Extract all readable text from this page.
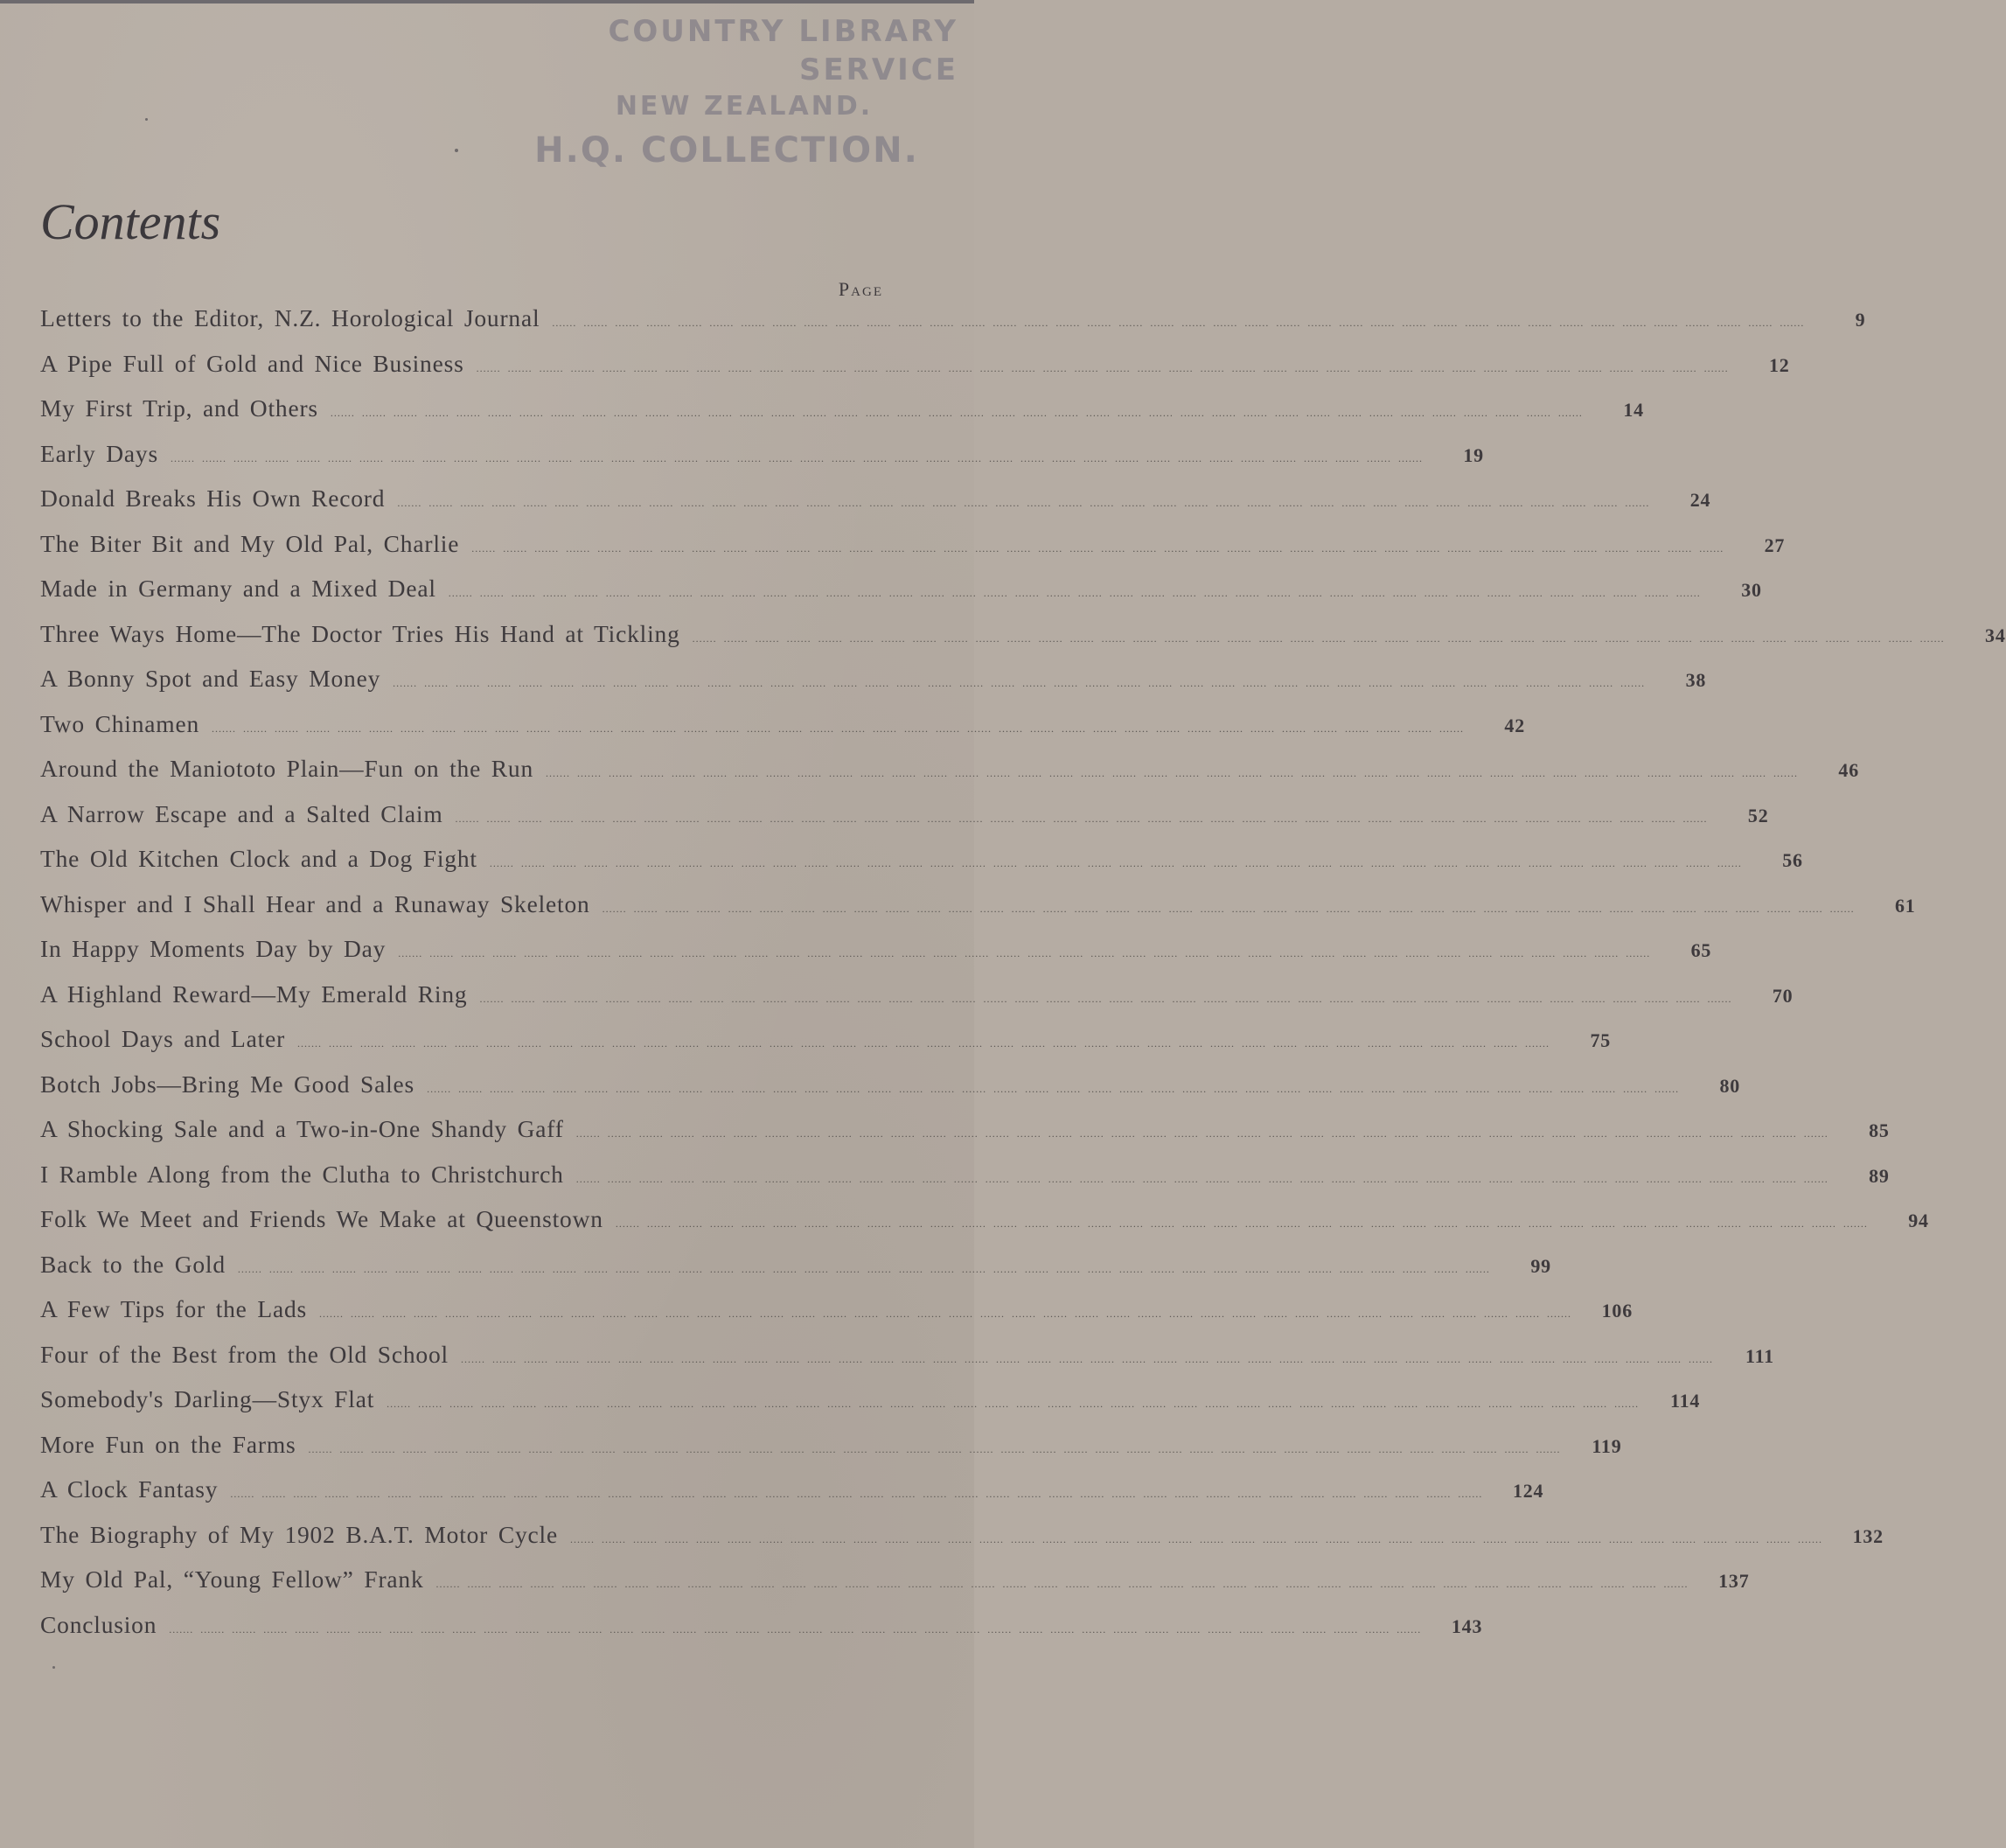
COUNTRY LIBRARY SERVICE
NEW ZEALAND.
H.Q. COLLECTION.
Contents
Page
Letters to the Editor, N.Z. Horological Journal ....... ....... ....... ....... ....... ....... ....... ....... ....... ....... ....... ....... ....... ....... ....... ....... ....... ....... ....... ....... ....... ....... ....... ....... ....... ....... ....... ....... ....... ....... ....... ....... ....... ....... ....... ....... ....... ....... ....... .......	9
A Pipe Full of Gold and Nice Business ....... ....... ....... ....... ....... ....... ....... ....... ....... ....... ....... ....... ....... ....... ....... ....... ....... ....... ....... ....... ....... ....... ....... ....... ....... ....... ....... ....... ....... ....... ....... ....... ....... ....... ....... ....... ....... ....... ....... .......	12
My First Trip, and Others ....... ....... ....... ....... ....... ....... ....... ....... ....... ....... ....... ....... ....... ....... ....... ....... ....... ....... ....... ....... ....... ....... ....... ....... ....... ....... ....... ....... ....... ....... ....... ....... ....... ....... ....... ....... ....... ....... ....... .......	14
Early Days ....... ....... ....... ....... ....... ....... ....... ....... ....... ....... ....... ....... ....... ....... ....... ....... ....... ....... ....... ....... ....... ....... ....... ....... ....... ....... ....... ....... ....... ....... ....... ....... ....... ....... ....... ....... ....... ....... ....... .......	19
Donald Breaks His Own Record ....... ....... ....... ....... ....... ....... ....... ....... ....... ....... ....... ....... ....... ....... ....... ....... ....... ....... ....... ....... ....... ....... ....... ....... ....... ....... ....... ....... ....... ....... ....... ....... ....... ....... ....... ....... ....... ....... ....... .......	24
The Biter Bit and My Old Pal, Charlie ....... ....... ....... ....... ....... ....... ....... ....... ....... ....... ....... ....... ....... ....... ....... ....... ....... ....... ....... ....... ....... ....... ....... ....... ....... ....... ....... ....... ....... ....... ....... ....... ....... ....... ....... ....... ....... ....... ....... .......	27
Made in Germany and a Mixed Deal ....... ....... ....... ....... ....... ....... ....... ....... ....... ....... ....... ....... ....... ....... ....... ....... ....... ....... ....... ....... ....... ....... ....... ....... ....... ....... ....... ....... ....... ....... ....... ....... ....... ....... ....... ....... ....... ....... ....... .......	30
Three Ways Home—The Doctor Tries His Hand at Tickling ....... ....... ....... ....... ....... ....... ....... ....... ....... ....... ....... ....... ....... ....... ....... ....... ....... ....... ....... ....... ....... ....... ....... ....... ....... ....... ....... ....... ....... ....... ....... ....... ....... ....... ....... ....... ....... ....... ....... .......	34
A Bonny Spot and Easy Money ....... ....... ....... ....... ....... ....... ....... ....... ....... ....... ....... ....... ....... ....... ....... ....... ....... ....... ....... ....... ....... ....... ....... ....... ....... ....... ....... ....... ....... ....... ....... ....... ....... ....... ....... ....... ....... ....... ....... .......	38
Two Chinamen ....... ....... ....... ....... ....... ....... ....... ....... ....... ....... ....... ....... ....... ....... ....... ....... ....... ....... ....... ....... ....... ....... ....... ....... ....... ....... ....... ....... ....... ....... ....... ....... ....... ....... ....... ....... ....... ....... ....... .......	42
Around the Maniototo Plain—Fun on the Run ....... ....... ....... ....... ....... ....... ....... ....... ....... ....... ....... ....... ....... ....... ....... ....... ....... ....... ....... ....... ....... ....... ....... ....... ....... ....... ....... ....... ....... ....... ....... ....... ....... ....... ....... ....... ....... ....... ....... .......	46
A Narrow Escape and a Salted Claim ....... ....... ....... ....... ....... ....... ....... ....... ....... ....... ....... ....... ....... ....... ....... ....... ....... ....... ....... ....... ....... ....... ....... ....... ....... ....... ....... ....... ....... ....... ....... ....... ....... ....... ....... ....... ....... ....... ....... .......	52
The Old Kitchen Clock and a Dog Fight ....... ....... ....... ....... ....... ....... ....... ....... ....... ....... ....... ....... ....... ....... ....... ....... ....... ....... ....... ....... ....... ....... ....... ....... ....... ....... ....... ....... ....... ....... ....... ....... ....... ....... ....... ....... ....... ....... ....... .......	56
Whisper and I Shall Hear and a Runaway Skeleton ....... ....... ....... ....... ....... ....... ....... ....... ....... ....... ....... ....... ....... ....... ....... ....... ....... ....... ....... ....... ....... ....... ....... ....... ....... ....... ....... ....... ....... ....... ....... ....... ....... ....... ....... ....... ....... ....... ....... .......	61
In Happy Moments Day by Day ....... ....... ....... ....... ....... ....... ....... ....... ....... ....... ....... ....... ....... ....... ....... ....... ....... ....... ....... ....... ....... ....... ....... ....... ....... ....... ....... ....... ....... ....... ....... ....... ....... ....... ....... ....... ....... ....... ....... .......	65
A Highland Reward—My Emerald Ring ....... ....... ....... ....... ....... ....... ....... ....... ....... ....... ....... ....... ....... ....... ....... ....... ....... ....... ....... ....... ....... ....... ....... ....... ....... ....... ....... ....... ....... ....... ....... ....... ....... ....... ....... ....... ....... ....... ....... .......	70
School Days and Later ....... ....... ....... ....... ....... ....... ....... ....... ....... ....... ....... ....... ....... ....... ....... ....... ....... ....... ....... ....... ....... ....... ....... ....... ....... ....... ....... ....... ....... ....... ....... ....... ....... ....... ....... ....... ....... ....... ....... .......	75
Botch Jobs—Bring Me Good Sales ....... ....... ....... ....... ....... ....... ....... ....... ....... ....... ....... ....... ....... ....... ....... ....... ....... ....... ....... ....... ....... ....... ....... ....... ....... ....... ....... ....... ....... ....... ....... ....... ....... ....... ....... ....... ....... ....... ....... .......	80
A Shocking Sale and a Two-in-One Shandy Gaff ....... ....... ....... ....... ....... ....... ....... ....... ....... ....... ....... ....... ....... ....... ....... ....... ....... ....... ....... ....... ....... ....... ....... ....... ....... ....... ....... ....... ....... ....... ....... ....... ....... ....... ....... ....... ....... ....... ....... .......	85
I Ramble Along from the Clutha to Christchurch ....... ....... ....... ....... ....... ....... ....... ....... ....... ....... ....... ....... ....... ....... ....... ....... ....... ....... ....... ....... ....... ....... ....... ....... ....... ....... ....... ....... ....... ....... ....... ....... ....... ....... ....... ....... ....... ....... ....... .......	89
Folk We Meet and Friends We Make at Queenstown ....... ....... ....... ....... ....... ....... ....... ....... ....... ....... ....... ....... ....... ....... ....... ....... ....... ....... ....... ....... ....... ....... ....... ....... ....... ....... ....... ....... ....... ....... ....... ....... ....... ....... ....... ....... ....... ....... ....... .......	94
Back to the Gold ....... ....... ....... ....... ....... ....... ....... ....... ....... ....... ....... ....... ....... ....... ....... ....... ....... ....... ....... ....... ....... ....... ....... ....... ....... ....... ....... ....... ....... ....... ....... ....... ....... ....... ....... ....... ....... ....... ....... .......	99
A Few Tips for the Lads ....... ....... ....... ....... ....... ....... ....... ....... ....... ....... ....... ....... ....... ....... ....... ....... ....... ....... ....... ....... ....... ....... ....... ....... ....... ....... ....... ....... ....... ....... ....... ....... ....... ....... ....... ....... ....... ....... ....... .......	106
Four of the Best from the Old School ....... ....... ....... ....... ....... ....... ....... ....... ....... ....... ....... ....... ....... ....... ....... ....... ....... ....... ....... ....... ....... ....... ....... ....... ....... ....... ....... ....... ....... ....... ....... ....... ....... ....... ....... ....... ....... ....... ....... .......	111
Somebody's Darling—Styx Flat ....... ....... ....... ....... ....... ....... ....... ....... ....... ....... ....... ....... ....... ....... ....... ....... ....... ....... ....... ....... ....... ....... ....... ....... ....... ....... ....... ....... ....... ....... ....... ....... ....... ....... ....... ....... ....... ....... ....... .......	114
More Fun on the Farms ....... ....... ....... ....... ....... ....... ....... ....... ....... ....... ....... ....... ....... ....... ....... ....... ....... ....... ....... ....... ....... ....... ....... ....... ....... ....... ....... ....... ....... ....... ....... ....... ....... ....... ....... ....... ....... ....... ....... .......	119
A Clock Fantasy ....... ....... ....... ....... ....... ....... ....... ....... ....... ....... ....... ....... ....... ....... ....... ....... ....... ....... ....... ....... ....... ....... ....... ....... ....... ....... ....... ....... ....... ....... ....... ....... ....... ....... ....... ....... ....... ....... ....... .......	124
The Biography of My 1902 B.A.T. Motor Cycle ....... ....... ....... ....... ....... ....... ....... ....... ....... ....... ....... ....... ....... ....... ....... ....... ....... ....... ....... ....... ....... ....... ....... ....... ....... ....... ....... ....... ....... ....... ....... ....... ....... ....... ....... ....... ....... ....... ....... .......	132
My Old Pal, “Young Fellow” Frank ....... ....... ....... ....... ....... ....... ....... ....... ....... ....... ....... ....... ....... ....... ....... ....... ....... ....... ....... ....... ....... ....... ....... ....... ....... ....... ....... ....... ....... ....... ....... ....... ....... ....... ....... ....... ....... ....... ....... .......	137
Conclusion ....... ....... ....... ....... ....... ....... ....... ....... ....... ....... ....... ....... ....... ....... ....... ....... ....... ....... ....... ....... ....... ....... ....... ....... ....... ....... ....... ....... ....... ....... ....... ....... ....... ....... ....... ....... ....... ....... ....... .......	143
